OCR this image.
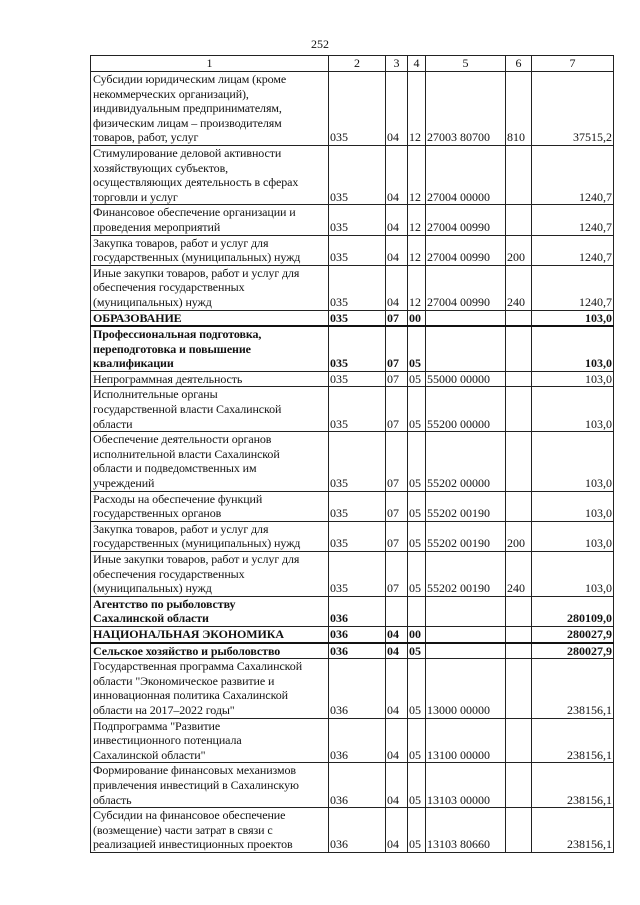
252
1	2	3	4	5	6	7
Субсидии юридическим лицам (кроме
некоммерческих организаций),
индивидуальным предпринимателям,
физическим лицам – производителям
товаров, работ, услуг	035	04	12	27003 80700	810	37515,2
Стимулирование деловой активности
хозяйствующих субъектов,
осуществляющих деятельность в сферах
торговли и услуг	035	04	12	27004 00000		1240,7
Финансовое обеспечение организации и
проведения мероприятий	035	04	12	27004 00990		1240,7
Закупка товаров, работ и услуг для
государственных (муниципальных) нужд	035	04	12	27004 00990	200	1240,7
Иные закупки товаров, работ и услуг для
обеспечения государственных
(муниципальных) нужд	035	04	12	27004 00990	240	1240,7
ОБРАЗОВАНИЕ	035	07	00			103,0
Профессиональная подготовка,
переподготовка и повышение
квалификации	035	07	05			103,0
Непрограммная деятельность	035	07	05	55000 00000		103,0
Исполнительные органы
государственной власти Сахалинской
области	035	07	05	55200 00000		103,0
Обеспечение деятельности органов
исполнительной власти Сахалинской
области и подведомственных им
учреждений	035	07	05	55202 00000		103,0
Расходы на обеспечение функций
государственных органов	035	07	05	55202 00190		103,0
Закупка товаров, работ и услуг для
государственных (муниципальных) нужд	035	07	05	55202 00190	200	103,0
Иные закупки товаров, работ и услуг для
обеспечения государственных
(муниципальных) нужд	035	07	05	55202 00190	240	103,0
Агентство по рыболовству
Сахалинской области	036					280109,0
НАЦИОНАЛЬНАЯ ЭКОНОМИКА	036	04	00			280027,9
Сельское хозяйство и рыболовство	036	04	05			280027,9
Государственная программа Сахалинской
области "Экономическое развитие и
инновационная политика Сахалинской
области на 2017–2022 годы"	036	04	05	13000 00000		238156,1
Подпрограмма "Развитие
инвестиционного потенциала
Сахалинской области"	036	04	05	13100 00000		238156,1
Формирование финансовых механизмов
привлечения инвестиций в Сахалинскую
область	036	04	05	13103 00000		238156,1
Субсидии на финансовое обеспечение
(возмещение) части затрат в связи с
реализацией инвестиционных проектов	036	04	05	13103 80660		238156,1
